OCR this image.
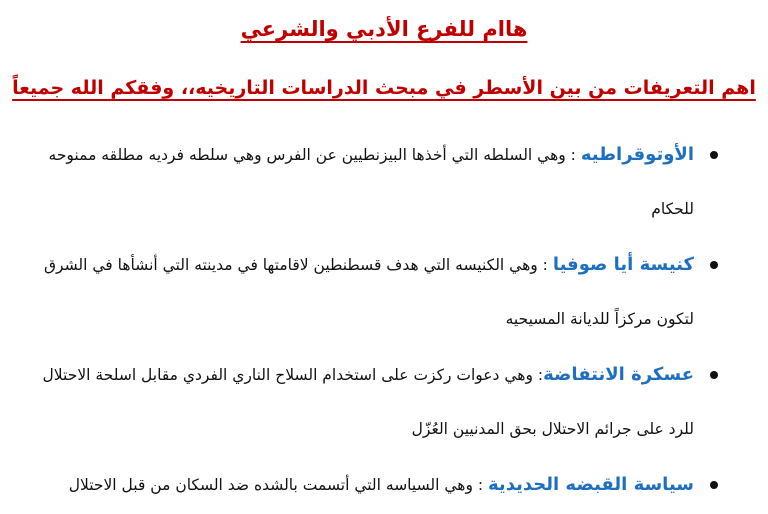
هاام للفرع الأدبي والشرعي
اهم التعريفات من بين الأسطر في مبحث الدراسات التاريخيه،، وفقكم الله جميعاً
الأوتوقراطيه : وهي السلطه التي أخذها البيزنطيين عن الفرس وهي سلطه فرديه مطلقه ممنوحه للحكام
كنيسة أيا صوفيا : وهي الكنيسه التي هدف قسطنطين لاقامتها في مدينته التي أنشأها في الشرق لتكون مركزاً للديانة المسيحيه
عسكرة الانتفاضة: وهي دعوات ركزت على استخدام السلاح الناري الفردي مقابل اسلحة الاحتلال للرد على جرائم الاحتلال بحق المدنيين العُزّل
سياسة القبضه الحديدية : وهي السياسه التي أتسمت بالشده ضد السكان من قبل الاحتلال
